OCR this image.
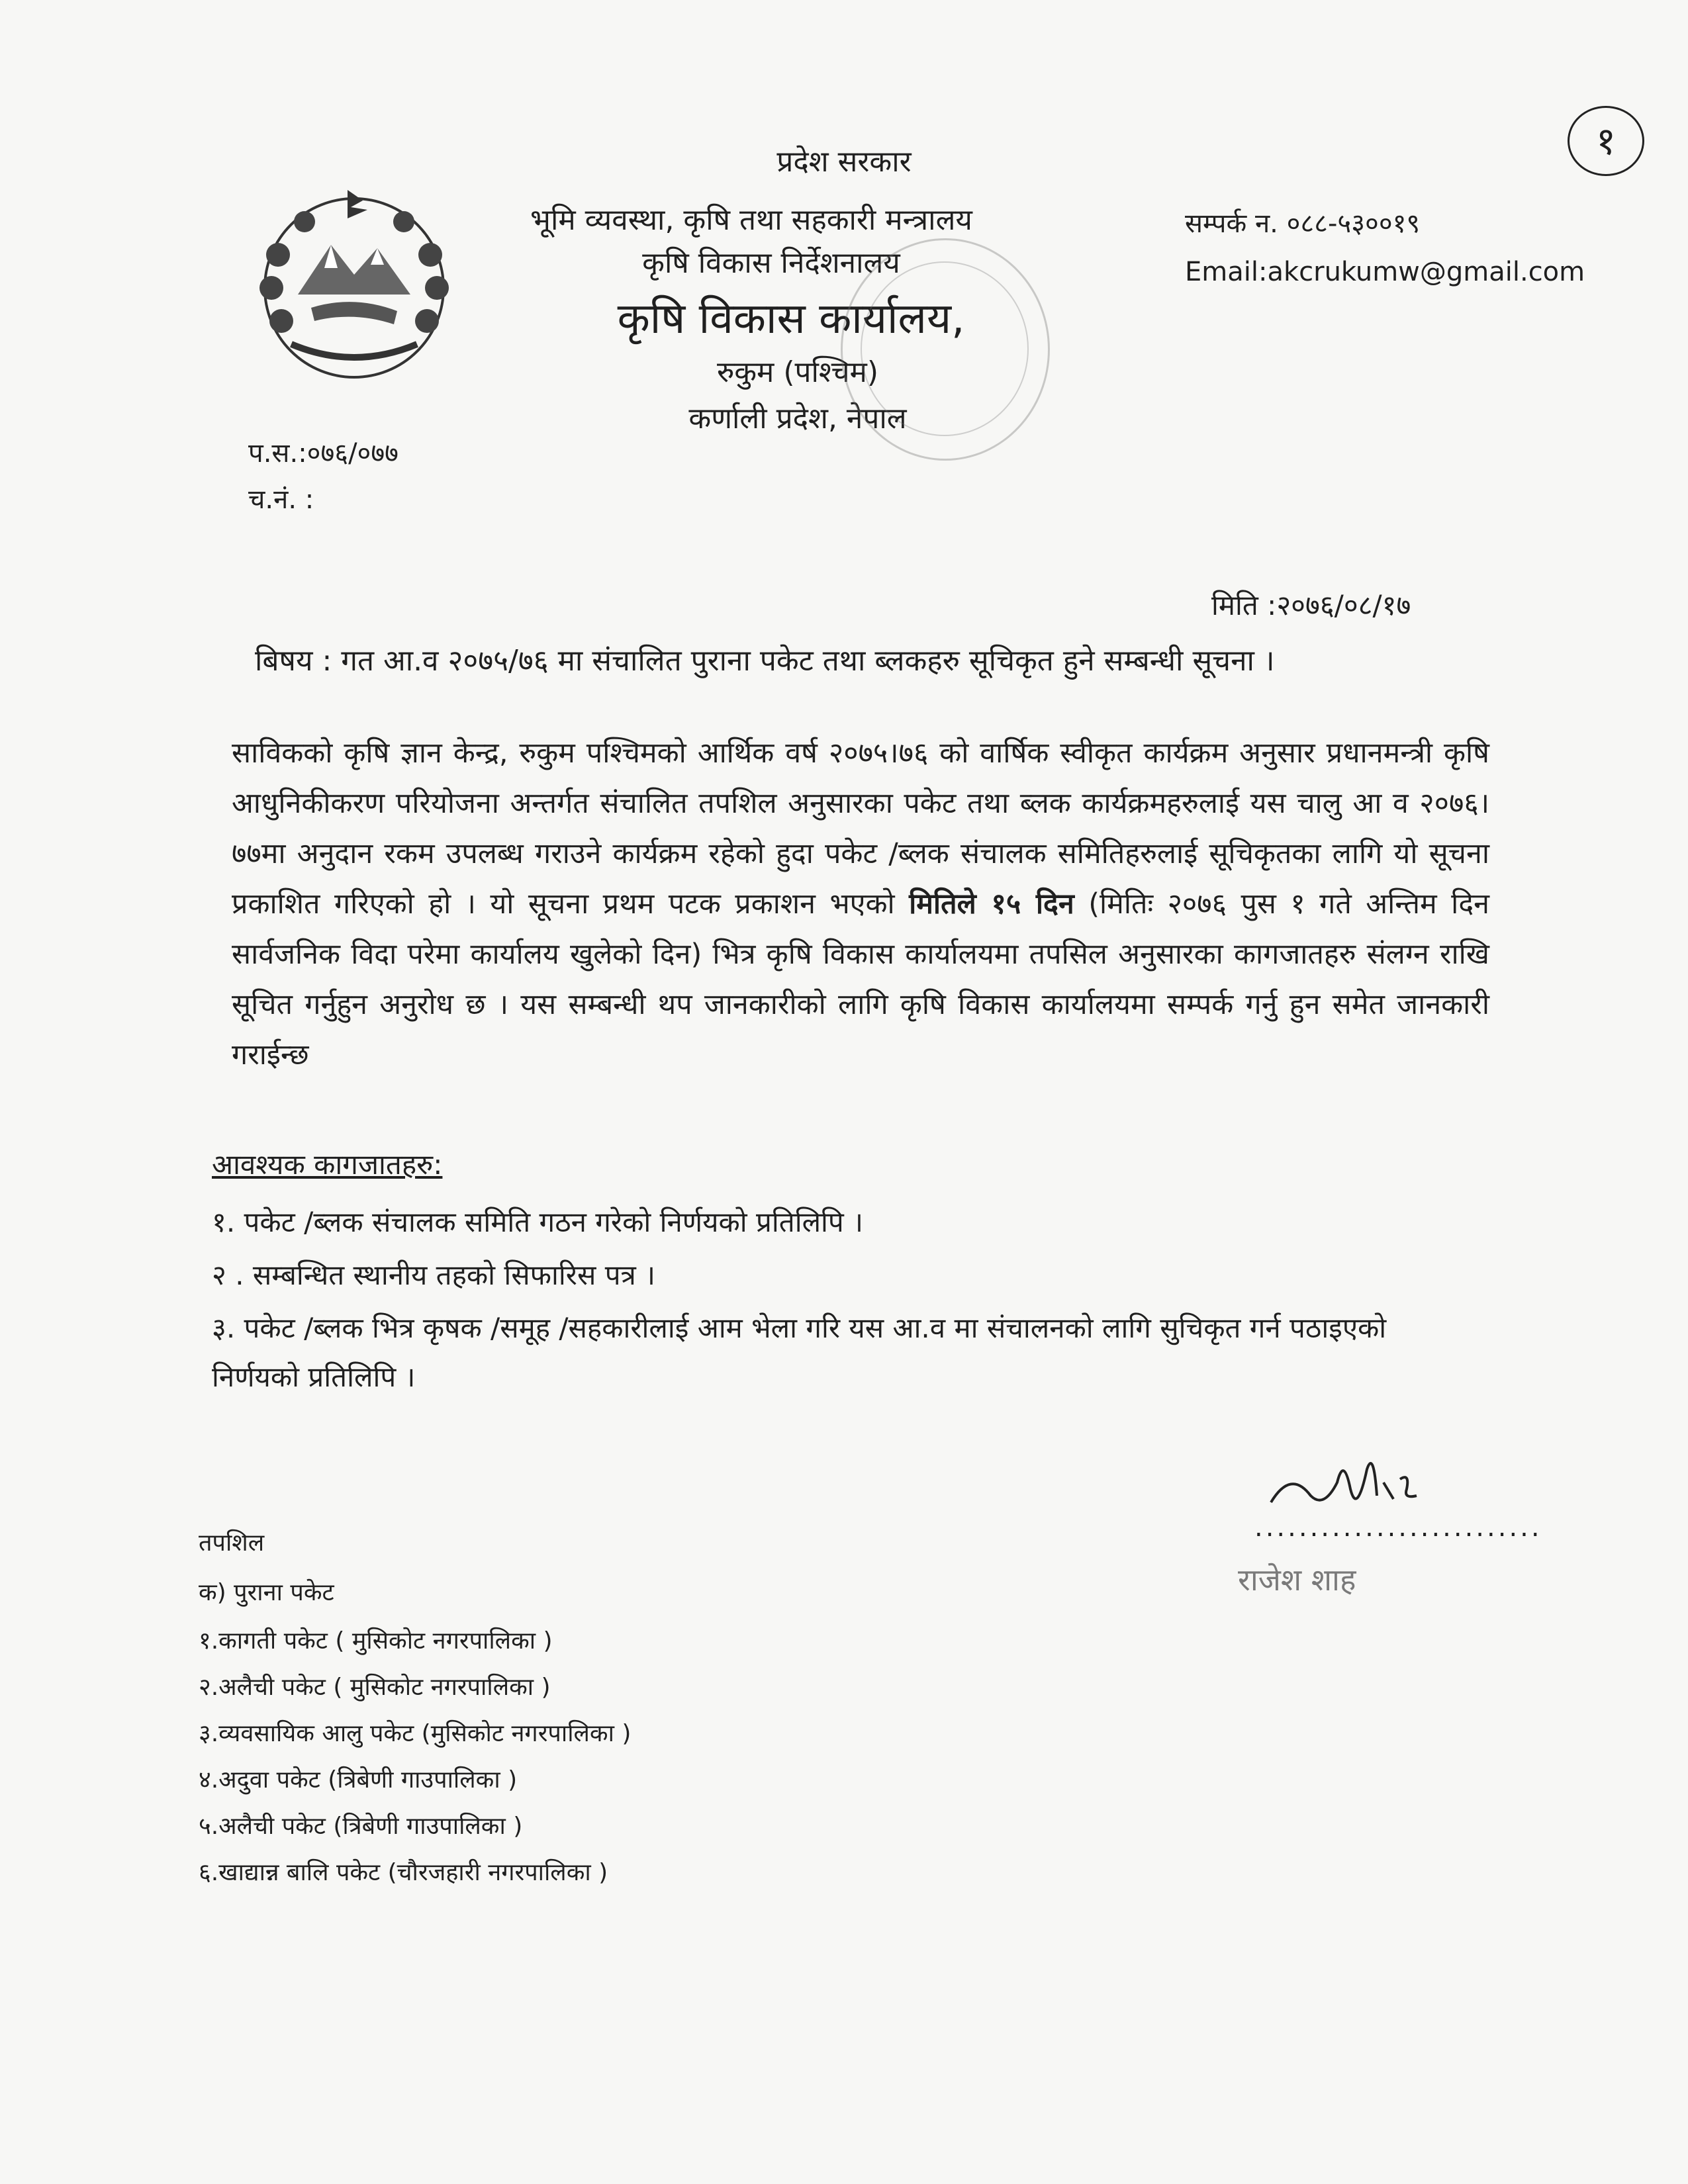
१
प्रदेश सरकार
भूमि व्यवस्था, कृषि तथा सहकारी मन्त्रालय
कृषि विकास निर्देशनालय
कृषि विकास कार्यालय,
रुकुम (पश्चिम)
कर्णाली प्रदेश, नेपाल
सम्पर्क न. ०८८-५३००१९
Email:akcrukumw@gmail.com
प.स.:०७६/०७७
च.नं. :
मिति :२०७६/०८/१७
बिषय : गत आ.व २०७५/७६ मा संचालित पुराना पकेट तथा ब्लकहरु सूचिकृत हुने सम्बन्धी सूचना ।
साविकको कृषि ज्ञान केन्द्र, रुकुम पश्चिमको आर्थिक वर्ष २०७५।७६ को वार्षिक स्वीकृत कार्यक्रम अनुसार प्रधानमन्त्री कृषि आधुनिकीकरण परियोजना अन्तर्गत संचालित तपशिल अनुसारका पकेट तथा ब्लक कार्यक्रमहरुलाई यस चालु आ व २०७६।७७मा अनुदान रकम उपलब्ध गराउने कार्यक्रम रहेको हुदा पकेट /ब्लक संचालक समितिहरुलाई सूचिकृतका लागि यो सूचना प्रकाशित गरिएको हो । यो सूचना प्रथम पटक प्रकाशन भएको मितिले १५ दिन (मितिः २०७६ पुस १ गते अन्तिम दिन सार्वजनिक विदा परेमा कार्यालय खुलेको दिन) भित्र कृषि विकास कार्यालयमा तपसिल अनुसारका कागजातहरु संलग्न राखि सूचित गर्नुहुन अनुरोध छ । यस सम्बन्धी थप जानकारीको लागि कृषि विकास कार्यालयमा सम्पर्क गर्नु हुन समेत जानकारी गराईन्छ
आवश्यक कागजातहरु:
१. पकेट /ब्लक संचालक समिति गठन गरेको निर्णयको प्रतिलिपि ।
२ . सम्बन्धित स्थानीय तहको सिफारिस पत्र ।
३. पकेट /ब्लक भित्र कृषक /समूह /सहकारीलाई आम भेला गरि यस आ.व मा संचालनको लागि सुचिकृत गर्न पठाइएको निर्णयको प्रतिलिपि ।
..........................
राजेश शाह
तपशिल
क) पुराना पकेट
१.कागती पकेट ( मुसिकोट नगरपालिका )
२.अलैची पकेट ( मुसिकोट नगरपालिका )
३.व्यवसायिक आलु पकेट (मुसिकोट नगरपालिका )
४.अदुवा पकेट (त्रिबेणी गाउपालिका )
५.अलैची पकेट (त्रिबेणी गाउपालिका )
६.खाद्यान्न बालि पकेट (चौरजहारी नगरपालिका )
